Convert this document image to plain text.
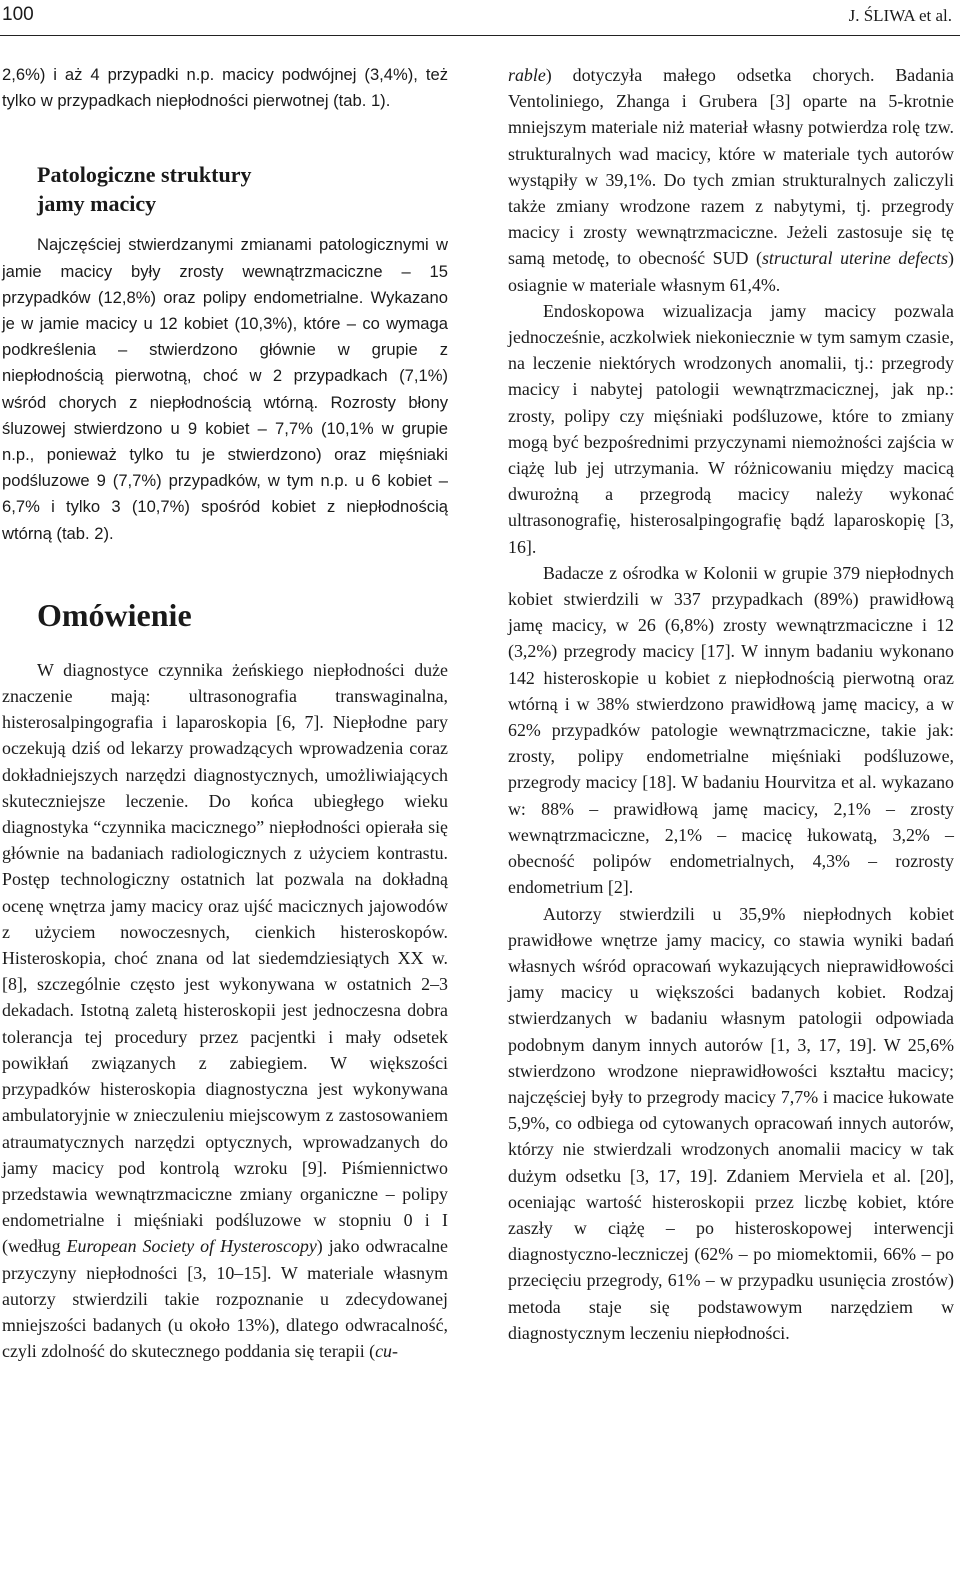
100	J. ŚLIWA et al.

2,6%) i aż 4 przypadki n.p. macicy podwójnej (3,4%), też tylko w przypadkach niepłodności pierwotnej (tab. 1).

Patologiczne struktury
jamy macicy

Najczęściej stwierdzanymi zmianami patologicznymi w jamie macicy były zrosty wewnątrzmaciczne – 15 przypadków (12,8%) oraz polipy endometrialne. Wykazano je w jamie macicy u 12 kobiet (10,3%), które – co wymaga podkreślenia – stwierdzono głównie w grupie z niepłodnością pierwotną, choć w 2 przypadkach (7,1%) wśród chorych z niepłodnością wtórną. Rozrosty błony śluzowej stwierdzono u 9 kobiet – 7,7% (10,1% w grupie n.p., ponieważ tylko tu je stwierdzono) oraz mięśniaki podśluzowe 9 (7,7%) przypadków, w tym n.p. u 6 kobiet – 6,7% i tylko 3 (10,7%) spośród kobiet z niepłodnością wtórną (tab. 2).

Omówienie

W diagnostyce czynnika żeńskiego niepłodności duże znaczenie mają: ultrasonografia transwaginalna, histerosalpingografia i laparoskopia [6, 7]. Niepłodne pary oczekują dziś od lekarzy prowadzących wprowadzenia coraz dokładniejszych narzędzi diagnostycznych, umożliwiających skuteczniejsze leczenie. Do końca ubiegłego wieku diagnostyka “czynnika macicznego” niepłodności opierała się głównie na badaniach radiologicznych z użyciem kontrastu. Postęp technologiczny ostatnich lat pozwala na dokładną ocenę wnętrza jamy macicy oraz ujść macicznych jajowodów z użyciem nowoczesnych, cienkich histeroskopów. Histeroskopia, choć znana od lat siedemdziesiątych XX w. [8], szczególnie często jest wykonywana w ostatnich 2–3 dekadach. Istotną zaletą histeroskopii jest jednoczesna dobra tolerancja tej procedury przez pacjentki i mały odsetek powikłań związanych z zabiegiem. W większości przypadków histeroskopia diagnostyczna jest wykonywana ambulatoryjnie w znieczuleniu miejscowym z zastosowaniem atraumatycznych narzędzi optycznych, wprowadzanych do jamy macicy pod kontrolą wzroku [9]. Piśmiennictwo przedstawia wewnątrzmaciczne zmiany organiczne – polipy endometrialne i mięśniaki podśluzowe w stopniu 0 i I (według European Society of Hysteroscopy) jako odwracalne przyczyny niepłodności [3, 10–15]. W materiale własnym autorzy stwierdzili takie rozpoznanie u zdecydowanej mniejszości badanych (u około 13%), dlatego odwracalność, czyli zdolność do skutecznego poddania się terapii (cu-

rable) dotyczyła małego odsetka chorych. Badania Ventoliniego, Zhanga i Grubera [3] oparte na 5-krotnie mniejszym materiale niż materiał własny potwierdza rolę tzw. strukturalnych wad macicy, które w materiale tych autorów wystąpiły w 39,1%. Do tych zmian strukturalnych zaliczyli także zmiany wrodzone razem z nabytymi, tj. przegrody macicy i zrosty wewnątrzmaciczne. Jeżeli zastosuje się tę samą metodę, to obecność SUD (structural uterine defects) osiagnie w materiale własnym 61,4%.

Endoskopowa wizualizacja jamy macicy pozwala jednocześnie, aczkolwiek niekoniecznie w tym samym czasie, na leczenie niektórych wrodzonych anomalii, tj.: przegrody macicy i nabytej patologii wewnątrzmacicznej, jak np.: zrosty, polipy czy mięśniaki podśluzowe, które to zmiany mogą być bezpośrednimi przyczynami niemożności zajścia w ciążę lub jej utrzymania. W różnicowaniu między macicą dwurożną a przegrodą macicy należy wykonać ultrasonografię, histerosalpingografię bądź laparoskopię [3, 16].

Badacze z ośrodka w Kolonii w grupie 379 niepłodnych kobiet stwierdzili w 337 przypadkach (89%) prawidłową jamę macicy, w 26 (6,8%) zrosty wewnątrzmaciczne i 12 (3,2%) przegrody macicy [17]. W innym badaniu wykonano 142 histeroskopie u kobiet z niepłodnością pierwotną oraz wtórną i w 38% stwierdzono prawidłową jamę macicy, a w 62% przypadków patologie wewnątrzmaciczne, takie jak: zrosty, polipy endometrialne mięśniaki podśluzowe, przegrody macicy [18]. W badaniu Hourvitza et al. wykazano w: 88% – prawidłową jamę macicy, 2,1% – zrosty wewnątrzmaciczne, 2,1% – macicę łukowatą, 3,2% – obecność polipów endometrialnych, 4,3% – rozrosty endometrium [2].

Autorzy stwierdzili u 35,9% niepłodnych kobiet prawidłowe wnętrze jamy macicy, co stawia wyniki badań własnych wśród opracowań wykazujących nieprawidłowości jamy macicy u większości badanych kobiet. Rodzaj stwierdzanych w badaniu własnym patologii odpowiada podobnym danym innych autorów [1, 3, 17, 19]. W 25,6% stwierdzono wrodzone nieprawidłowości kształtu macicy; najczęściej były to przegrody macicy 7,7% i macice łukowate 5,9%, co odbiega od cytowanych opracowań innych autorów, którzy nie stwierdzali wrodzonych anomalii macicy w tak dużym odsetku [3, 17, 19]. Zdaniem Merviela et al. [20], oceniając wartość histeroskopii przez liczbę kobiet, które zaszły w ciążę – po histeroskopowej interwencji diagnostyczno-leczniczej (62% – po miomektomii, 66% – po przecięciu przegrody, 61% – w przypadku usunięcia zrostów) metoda staje się podstawowym narzędziem w diagnostycznym leczeniu niepłodności.
